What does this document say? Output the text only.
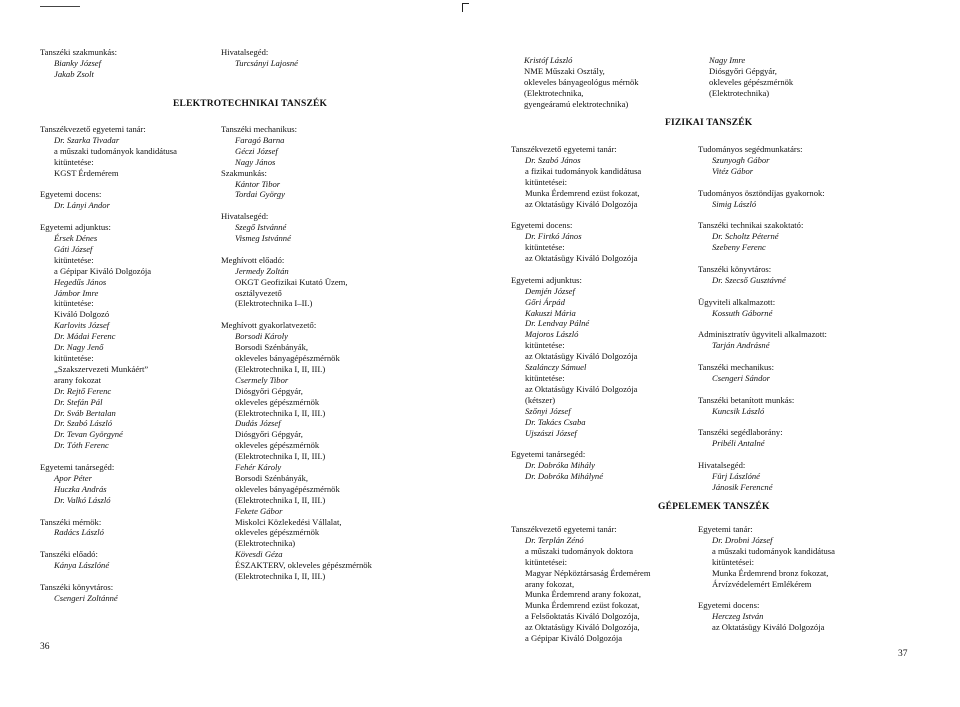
Tanszéki szakmunkás:
Bianky József
Jakab Zsolt
Hivatalsegéd:
Turcsányi Lajosné
ELEKTROTECHNIKAI TANSZÉK
Tanszékvezető egyetemi tanár:
Dr. Szarka Tivadar
a műszaki tudományok kandidátusa
kitüntetése:
KGST Érdemérem
Egyetemi docens:
Dr. Lányi Andor
Egyetemi adjunktus:
Érsek Dénes
Gáti József
kitüntetése:
a Gépipar Kiváló Dolgozója
Hegedűs János
Jámbor Imre
kitüntetése:
Kiváló Dolgozó
Karlovits József
Dr. Mádai Ferenc
Dr. Nagy Jenő
kitüntetése:
„Szakszervezeti Munkáért”
arany fokozat
Dr. Rejtő Ferenc
Dr. Stefán Pál
Dr. Sváb Bertalan
Dr. Szabó László
Dr. Tevan Györgyné
Dr. Tóth Ferenc
Egyetemi tanársegéd:
Apor Péter
Huczka András
Dr. Valkó László
Tanszéki mérnök:
Radács László
Tanszéki előadó:
Kánya Lászlóné
Tanszéki könyvtáros:
Csengeri Zoltánné
Tanszéki mechanikus:
Faragó Barna
Géczi József
Nagy János
Szakmunkás:
Kántor Tibor
Tordai György
Hivatalsegéd:
Szegő Istvánné
Vismeg Istvánné
Meghívott előadó:
Jermedy Zoltán
OKGT Geofizikai Kutató Üzem,
osztályvezető
(Elektrotechnika I–II.)
Meghívott gyakorlatvezető:
Borsodi Károly
Borsodi Szénbányák,
okleveles bányagépészmérnök
(Elektrotechnika I, II, III.)
Csermely Tibor
Diósgyőri Gépgyár,
okleveles gépészmérnök
(Elektrotechnika I, II, III.)
Dudás József
Diósgyőri Gépgyár,
okleveles gépészmérnök
(Elektrotechnika I, II, III.)
Fehér Károly
Borsodi Szénbányák,
okleveles bányagépészmérnök
(Elektrotechnika I, II, III.)
Fekete Gábor
Miskolci Közlekedési Vállalat,
okleveles gépészmérnök
(Elektrotechnika)
Kövesdi Géza
ÉSZAKTERV, okleveles gépészmérnök
(Elektrotechnika I, II, III.)
36
Kristóf László
NME Műszaki Osztály,
okleveles bányageológus mérnök
(Elektrotechnika,
gyengeáramú elektrotechnika)
Nagy Imre
Diósgyőri Gépgyár,
okleveles gépészmérnök
(Elektrotechnika)
FIZIKAI TANSZÉK
Tanszékvezető egyetemi tanár:
Dr. Szabó János
a fizikai tudományok kandidátusa
kitüntetései:
Munka Érdemrend ezüst fokozat,
az Oktatásügy Kiváló Dolgozója
Egyetemi docens:
Dr. Firtkó János
kitüntetése:
az Oktatásügy Kiváló Dolgozója
Egyetemi adjunktus:
Demjén József
Gőri Árpád
Kakuszi Mária
Dr. Lendvay Pálné
Majoros László
kitüntetése:
az Oktatásügy Kiváló Dolgozója
Szalánczy Sámuel
kitüntetése:
az Oktatásügy Kiváló Dolgozója
(kétszer)
Szőnyi József
Dr. Takács Csaba
Ujszászi József
Egyetemi tanársegéd:
Dr. Dobróka Mihály
Dr. Dobróka Mihályné
Tudományos segédmunkatárs:
Szunyogh Gábor
Vitéz Gábor
Tudományos ösztöndíjas gyakornok:
Simig László
Tanszéki technikai szakoktató:
Dr. Scholtz Péterné
Szebeny Ferenc
Tanszéki könyvtáros:
Dr. Szecső Gusztávné
Ügyviteli alkalmazott:
Kossuth Gáborné
Adminisztratív ügyviteli alkalmazott:
Tarján Andrásné
Tanszéki mechanikus:
Csengeri Sándor
Tanszéki betanított munkás:
Kuncsik László
Tanszéki segédlaborány:
Pribéli Antalné
Hivatalsegéd:
Fürj Lászlóné
Jánosik Ferencné
GÉPELEMEK TANSZÉK
Tanszékvezető egyetemi tanár:
Dr. Terplán Zénó
a műszaki tudományok doktora
kitüntetései:
Magyar Népköztársaság Érdemérem
arany fokozat,
Munka Érdemrend arany fokozat,
Munka Érdemrend ezüst fokozat,
a Felsőoktatás Kiváló Dolgozója,
az Oktatásügy Kiváló Dolgozója,
a Gépipar Kiváló Dolgozója
Egyetemi tanár:
Dr. Drobni József
a műszaki tudományok kandidátusa
kitüntetései:
Munka Érdemrend bronz fokozat,
Árvízvédelemért Emlékérem
Egyetemi docens:
Herczeg István
az Oktatásügy Kiváló Dolgozója
37
